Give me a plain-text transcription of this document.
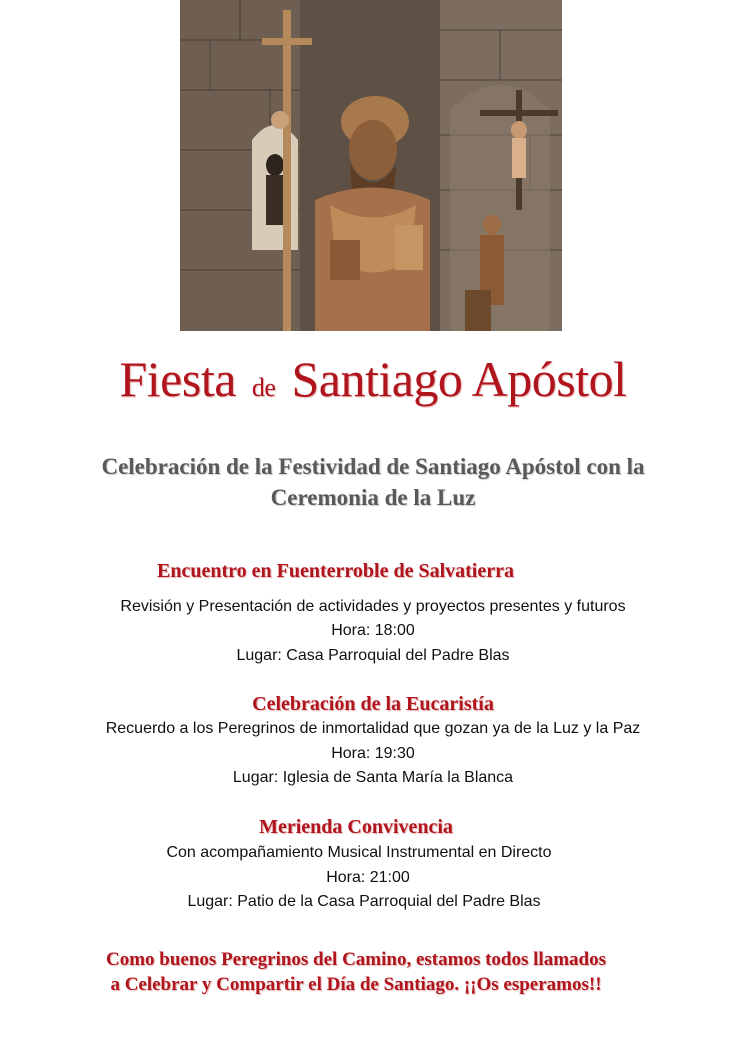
Fiesta de Santiago Apóstol
Celebración de la Festividad de Santiago Apóstol con la
Ceremonia de la Luz
Encuentro en Fuenterroble de Salvatierra
Revisión y Presentación de actividades y proyectos presentes y futuros
Hora: 18:00
Lugar: Casa Parroquial del Padre Blas
Celebración de la Eucaristía
Recuerdo a los Peregrinos de inmortalidad que gozan ya de la Luz y la Paz
Hora: 19:30
Lugar: Iglesia de Santa María la Blanca
Merienda Convivencia
Con acompañamiento Musical Instrumental en Directo
Hora: 21:00
Lugar: Patio de la Casa Parroquial del Padre Blas
Como buenos Peregrinos del Camino, estamos todos llamados
a Celebrar y Compartir el Día de Santiago. ¡¡Os esperamos!!
